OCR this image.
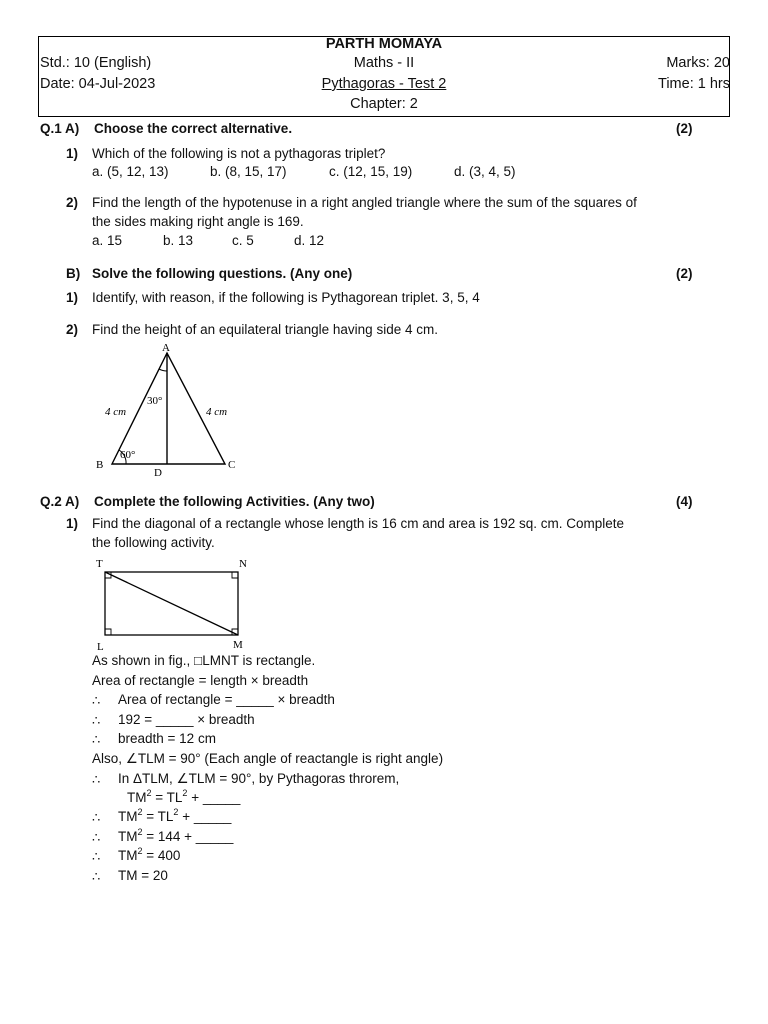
PARTH MOMAYA
Std.: 10 (English)	Maths - II	Marks: 20
Date: 04-Jul-2023	Pythagoras - Test 2	Time: 1 hrs
Chapter: 2
Q.1 A) Choose the correct alternative.	(2)
1) Which of the following is not a pythagoras triplet?
a. (5, 12, 13)	b. (8, 15, 17)	c. (12, 15, 19)	d. (3, 4, 5)
2) Find the length of the hypotenuse in a right angled triangle where the sum of the squares of
the sides making right angle is 169.
a. 15	b. 13	c. 5	d. 12
B) Solve the following questions. (Any one)	(2)
1) Identify, with reason, if the following is Pythagorean triplet. 3, 5, 4
2) Find the height of an equilateral triangle having side 4 cm.
A
B	C
D
4 cm	4 cm
30°
60°
Q.2 A) Complete the following Activities. (Any two)	(4)
1) Find the diagonal of a rectangle whose length is 16 cm and area is 192 sq. cm. Complete
the following activity.
T	N
L	M
As shown in fig., □LMNT is rectangle.
Area of rectangle = length × breadth
∴ Area of rectangle = _____ × breadth
∴ 192 = _____ × breadth
∴ breadth = 12 cm
Also, ∠TLM = 90° (Each angle of reactangle is right angle)
∴ In ΔTLM, ∠TLM = 90°, by Pythagoras throrem,
$TM^2 = TL^2$ + _____
∴ $TM^2 = TL^2$ + _____
∴ $TM^2 = 144$ + _____
∴ $TM^2 = 400$
∴ TM = 20
